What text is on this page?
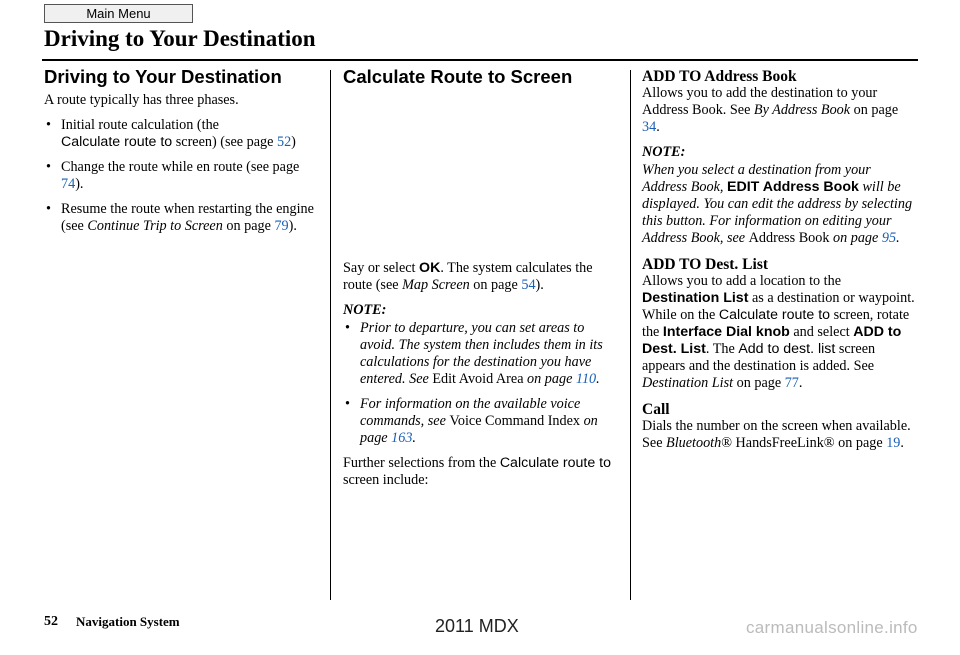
Main Menu
Driving to Your Destination
Driving to Your Destination

A route typically has three phases.

• Initial route calculation (the
Calculate route to screen) (see page 52)
• Change the route while en route (see page 74).
• Resume the route when restarting the engine (see Continue Trip to Screen on page 79).
Calculate Route to Screen

Say or select OK. The system calculates the route (see Map Screen on page 54).

NOTE:

• Prior to departure, you can set areas to avoid. The system then includes them in its calculations for the destination you have entered. See Edit Avoid Area on page 110.
• For information on the available voice commands, see Voice Command Index on page 163.

Further selections from the Calculate route to screen include:

ADD TO Address Book

Allows you to add the destination to your Address Book. See By Address Book on page 34.

NOTE:

When you select a destination from your Address Book, EDIT Address Book will be displayed. You can edit the address by selecting this button. For information on editing your Address Book, see Address Book on page 95.

ADD TO Dest. List

Allows you to add a location to the Destination List as a destination or waypoint. While on the Calculate route to screen, rotate the Interface Dial knob and select ADD to Dest. List. The Add to dest. list screen appears and the destination is added. See Destination List on page 77.

Call

Dials the number on the screen when available. See Bluetooth® HandsFreeLink® on page 19.

52 Navigation System	2011 MDX	carmanualsonline.info
